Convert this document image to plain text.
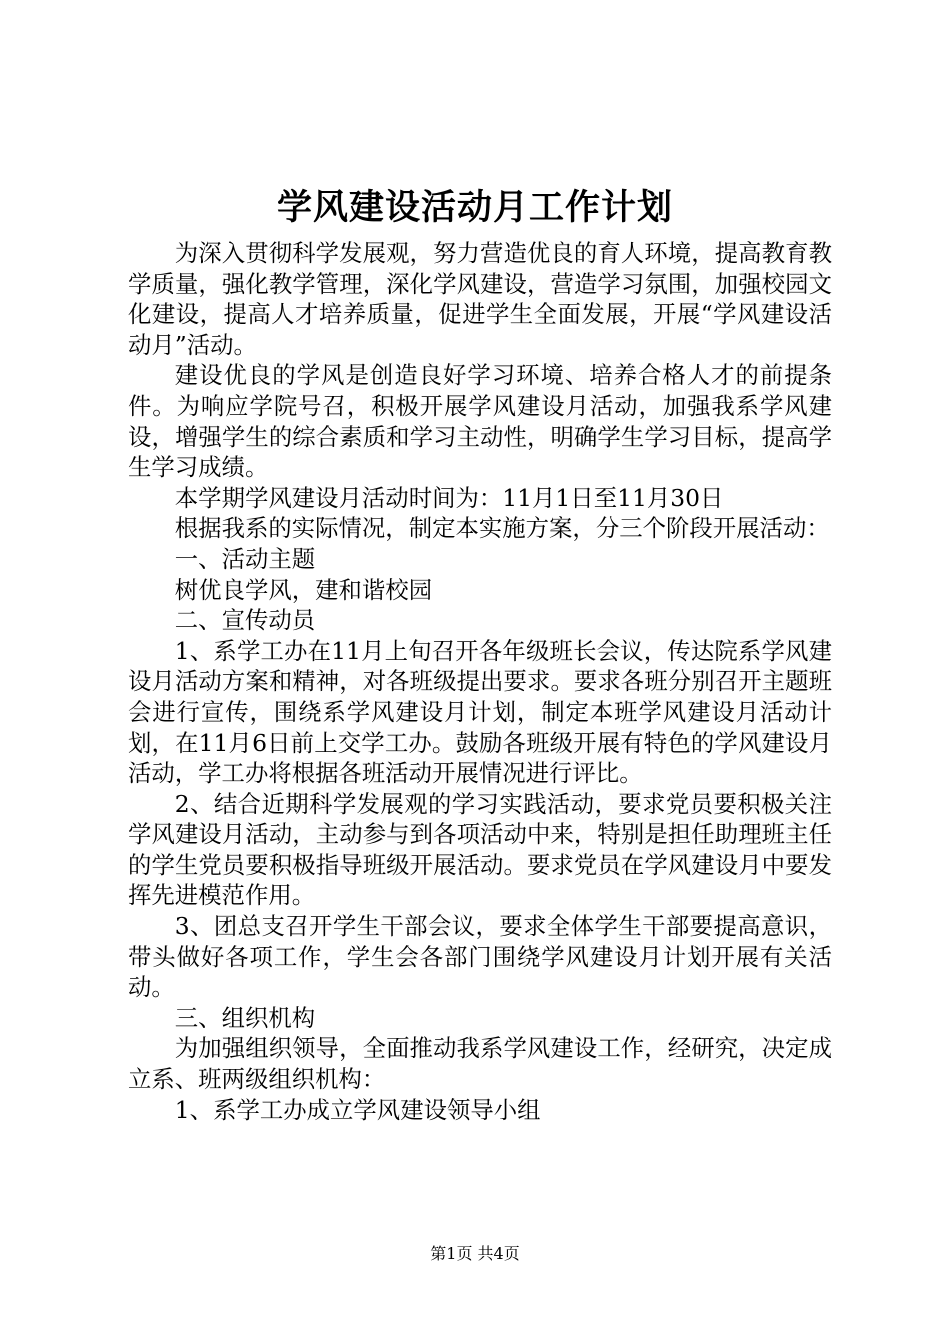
学风建设活动月工作计划

为深入贯彻科学发展观，努力营造优良的育人环境，提高教育教学质量，强化教学管理，深化学风建设，营造学习氛围，加强校园文化建设，提高人才培养质量，促进学生全面发展，开展“学风建设活动月”活动。

建设优良的学风是创造良好学习环境、培养合格人才的前提条件。为响应学院号召，积极开展学风建设月活动，加强我系学风建设，增强学生的综合素质和学习主动性，明确学生学习目标，提高学生学习成绩。

本学期学风建设月活动时间为：11月1日至11月30日

根据我系的实际情况，制定本实施方案，分三个阶段开展活动：

一、活动主题

树优良学风，建和谐校园

二、宣传动员

1、系学工办在11月上旬召开各年级班长会议，传达院系学风建设月活动方案和精神，对各班级提出要求。要求各班分别召开主题班会进行宣传，围绕系学风建设月计划，制定本班学风建设月活动计划，在11月6日前上交学工办。鼓励各班级开展有特色的学风建设月活动，学工办将根据各班活动开展情况进行评比。

2、结合近期科学发展观的学习实践活动，要求党员要积极关注学风建设月活动，主动参与到各项活动中来，特别是担任助理班主任的学生党员要积极指导班级开展活动。要求党员在学风建设月中要发挥先进模范作用。

3、团总支召开学生干部会议，要求全体学生干部要提高意识，带头做好各项工作，学生会各部门围绕学风建设月计划开展有关活动。

三、组织机构

为加强组织领导，全面推动我系学风建设工作，经研究，决定成立系、班两级组织机构：

1、系学工办成立学风建设领导小组

第1页 共4页
